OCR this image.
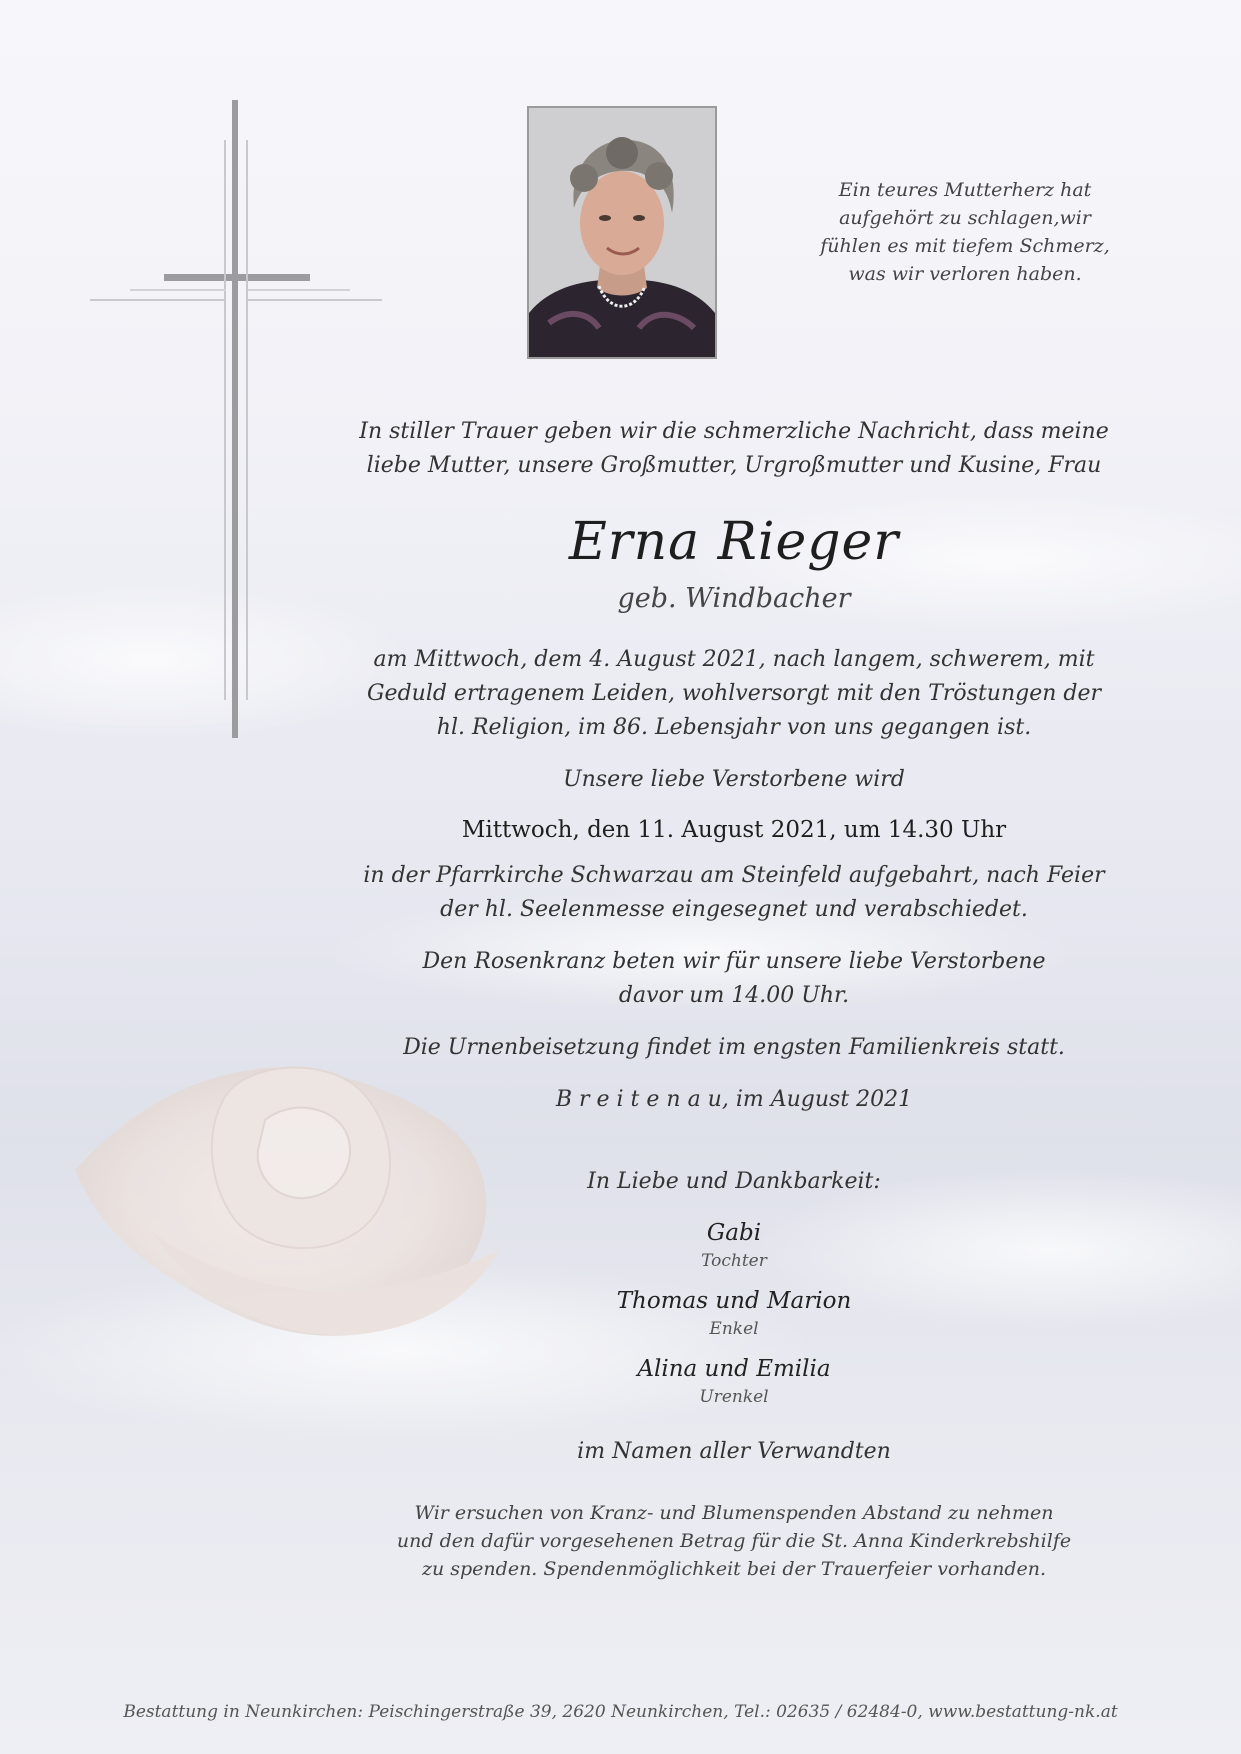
Ein teures Mutterherz hat
aufgehört zu schlagen,wir
fühlen es mit tiefem Schmerz,
was wir verloren haben.
In stiller Trauer geben wir die schmerzliche Nachricht, dass meine
liebe Mutter, unsere Großmutter, Urgroßmutter und Kusine, Frau
Erna Rieger
geb. Windbacher
am Mittwoch, dem 4. August 2021, nach langem, schwerem, mit
Geduld ertragenem Leiden, wohlversorgt mit den Tröstungen der
hl. Religion, im 86. Lebensjahr von uns gegangen ist.
Unsere liebe Verstorbene wird
Mittwoch, den 11. August 2021, um 14.30 Uhr
in der Pfarrkirche Schwarzau am Steinfeld aufgebahrt, nach Feier
der hl. Seelenmesse eingesegnet und verabschiedet.
Den Rosenkranz beten wir für unsere liebe Verstorbene
davor um 14.00 Uhr.
Die Urnenbeisetzung findet im engsten Familienkreis statt.
B r e i t e n a u, im August 2021
In Liebe und Dankbarkeit:
Gabi
Tochter
Thomas und Marion
Enkel
Alina und Emilia
Urenkel
im Namen aller Verwandten
Wir ersuchen von Kranz- und Blumenspenden Abstand zu nehmen
und den dafür vorgesehenen Betrag für die St. Anna Kinderkrebshilfe
zu spenden. Spendenmöglichkeit bei der Trauerfeier vorhanden.
Bestattung in Neunkirchen: Peischingerstraße 39, 2620 Neunkirchen, Tel.: 02635 / 62484-0, www.bestattung-nk.at
